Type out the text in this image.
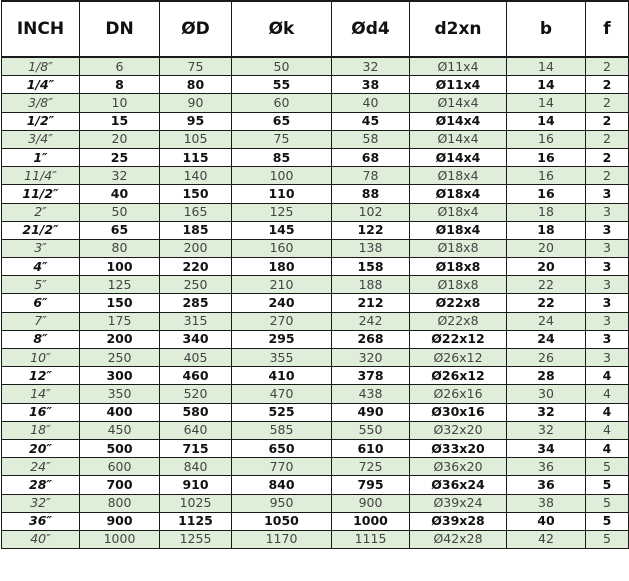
INCH	DN	ØD	Øk	Ød4	d2xn	b	f
1/8″	6	75	50	32	Ø11x4	14	2
1/4″	8	80	55	38	Ø11x4	14	2
3/8″	10	90	60	40	Ø14x4	14	2
1/2″	15	95	65	45	Ø14x4	14	2
3/4″	20	105	75	58	Ø14x4	16	2
1″	25	115	85	68	Ø14x4	16	2
11/4″	32	140	100	78	Ø18x4	16	2
11/2″	40	150	110	88	Ø18x4	16	3
2″	50	165	125	102	Ø18x4	18	3
21/2″	65	185	145	122	Ø18x4	18	3
3″	80	200	160	138	Ø18x8	20	3
4″	100	220	180	158	Ø18x8	20	3
5″	125	250	210	188	Ø18x8	22	3
6″	150	285	240	212	Ø22x8	22	3
7″	175	315	270	242	Ø22x8	24	3
8″	200	340	295	268	Ø22x12	24	3
10″	250	405	355	320	Ø26x12	26	3
12″	300	460	410	378	Ø26x12	28	4
14″	350	520	470	438	Ø26x16	30	4
16″	400	580	525	490	Ø30x16	32	4
18″	450	640	585	550	Ø32x20	32	4
20″	500	715	650	610	Ø33x20	34	4
24″	600	840	770	725	Ø36x20	36	5
28″	700	910	840	795	Ø36x24	36	5
32″	800	1025	950	900	Ø39x24	38	5
36″	900	1125	1050	1000	Ø39x28	40	5
40″	1000	1255	1170	1115	Ø42x28	42	5
